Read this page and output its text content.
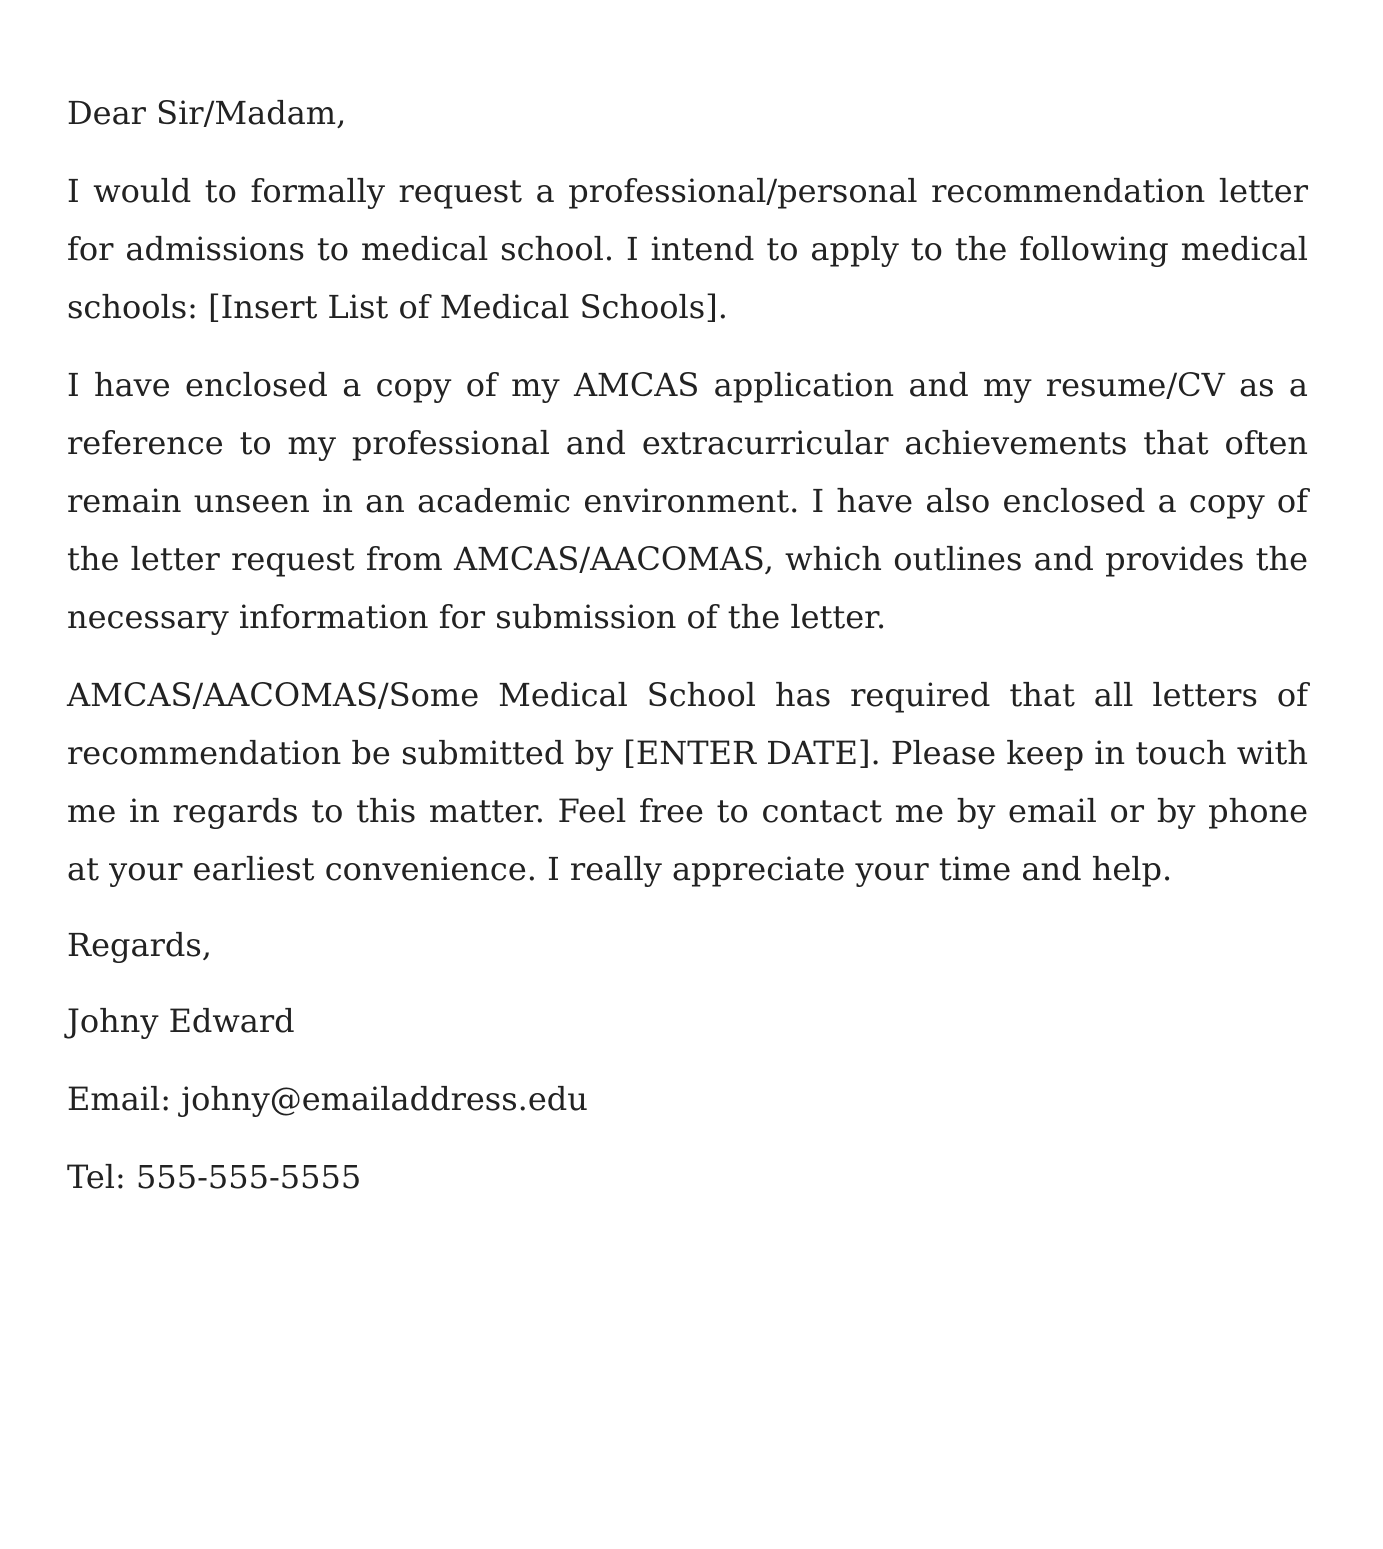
Dear Sir/Madam,

I would to formally request a professional/personal recommendation letter for admissions to medical school. I intend to apply to the following medical schools: [Insert List of Medical Schools].

I have enclosed a copy of my AMCAS application and my resume/CV as a reference to my professional and extracurricular achievements that often remain unseen in an academic environment. I have also enclosed a copy of the letter request from AMCAS/AACOMAS, which outlines and provides the necessary information for submission of the letter.

AMCAS/AACOMAS/Some Medical School has required that all letters of recommendation be submitted by [ENTER DATE]. Please keep in touch with me in regards to this matter. Feel free to contact me by email or by phone at your earliest convenience. I really appreciate your time and help.

Regards,

Johny Edward

Email: johny@emailaddress.edu

Tel: 555-555-5555
